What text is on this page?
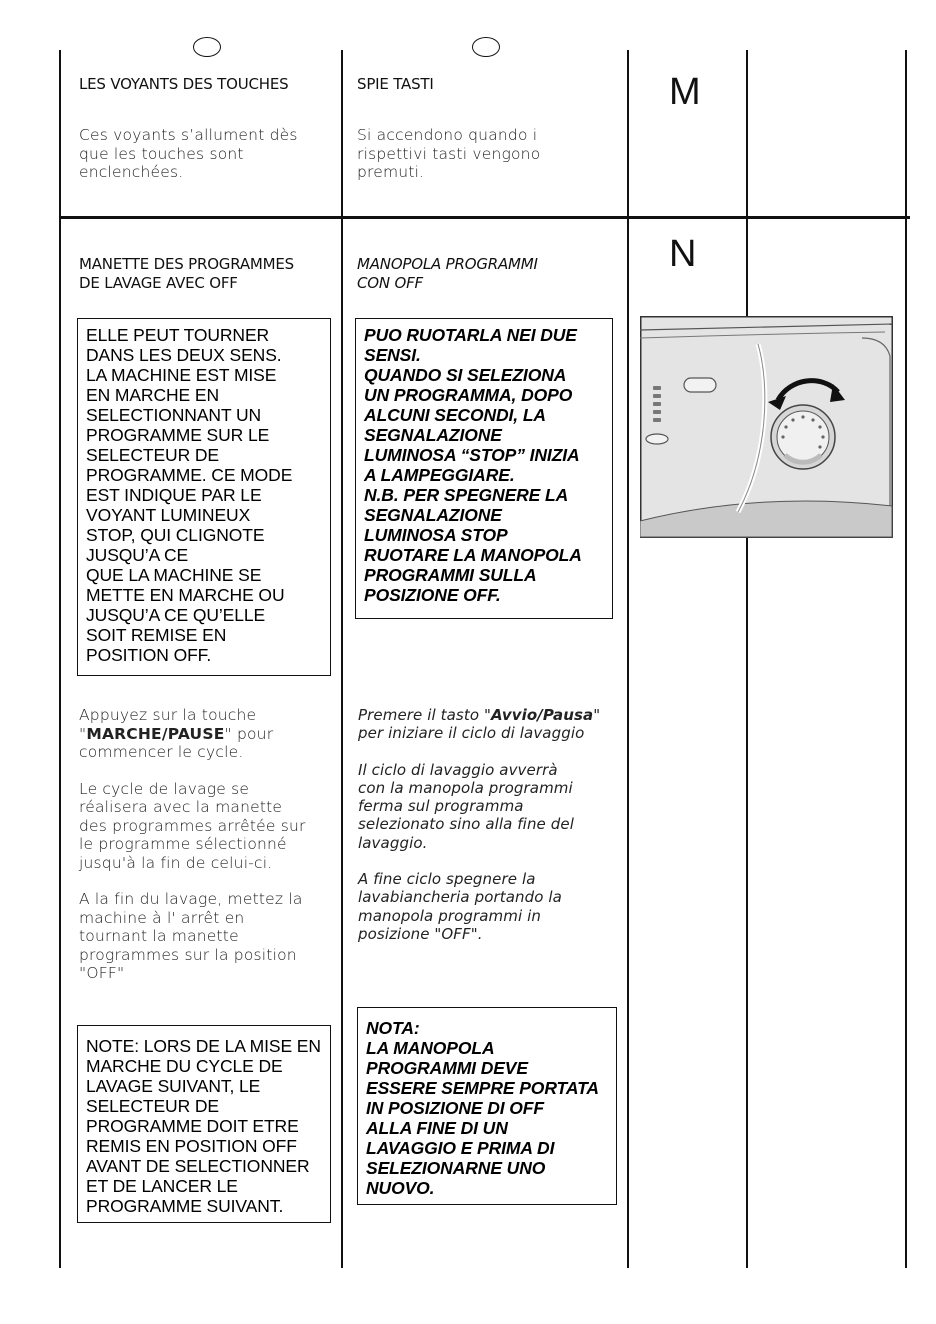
M
N

LES VOYANTS DES TOUCHES

Ces voyants s’allument dès
que les touches sont
enclenchées.

MANETTE DES PROGRAMMES
DE LAVAGE AVEC OFF

ELLE PEUT TOURNER
DANS LES DEUX SENS.
LA MACHINE EST MISE
EN MARCHE EN
SELECTIONNANT UN
PROGRAMME SUR LE
SELECTEUR DE
PROGRAMME. CE MODE
EST INDIQUE PAR LE
VOYANT LUMINEUX
STOP, QUI CLIGNOTE
JUSQU’A CE
QUE LA MACHINE SE
METTE EN MARCHE OU
JUSQU’A CE QU’ELLE
SOIT REMISE EN
POSITION OFF.

Appuyez sur la touche
"MARCHE/PAUSE" pour
commencer le cycle.

Le cycle de lavage se
réalisera avec la manette
des programmes arrêtée sur
le programme sélectionné
jusqu'à la fin de celui-ci.

A la fin du lavage, mettez la
machine à l' arrêt en
tournant la manette
programmes sur la position
"OFF"

NOTE: LORS DE LA MISE EN
MARCHE DU CYCLE DE
LAVAGE SUIVANT, LE
SELECTEUR DE
PROGRAMME DOIT ETRE
REMIS EN POSITION OFF
AVANT DE SELECTIONNER
ET DE LANCER LE
PROGRAMME SUIVANT.

SPIE TASTI

Si accendono quando i
rispettivi tasti vengono
premuti.

MANOPOLA PROGRAMMI
CON OFF

PUO RUOTARLA NEI DUE
SENSI.
QUANDO SI SELEZIONA
UN PROGRAMMA, DOPO
ALCUNI SECONDI, LA
SEGNALAZIONE
LUMINOSA “STOP” INIZIA
A LAMPEGGIARE.
N.B. PER SPEGNERE LA
SEGNALAZIONE
LUMINOSA STOP
RUOTARE LA MANOPOLA
PROGRAMMI SULLA
POSIZIONE OFF.

Premere il tasto "Avvio/Pausa"
per iniziare il ciclo di lavaggio

Il ciclo di lavaggio avverrà
con la manopola programmi
ferma sul programma
selezionato sino alla fine del
lavaggio.

A fine ciclo spegnere la
lavabiancheria portando la
manopola programmi in
posizione "OFF".

NOTA:
LA MANOPOLA
PROGRAMMI DEVE
ESSERE SEMPRE PORTATA
IN POSIZIONE DI OFF
ALLA FINE DI UN
LAVAGGIO E PRIMA DI
SELEZIONARNE UNO
NUOVO.
